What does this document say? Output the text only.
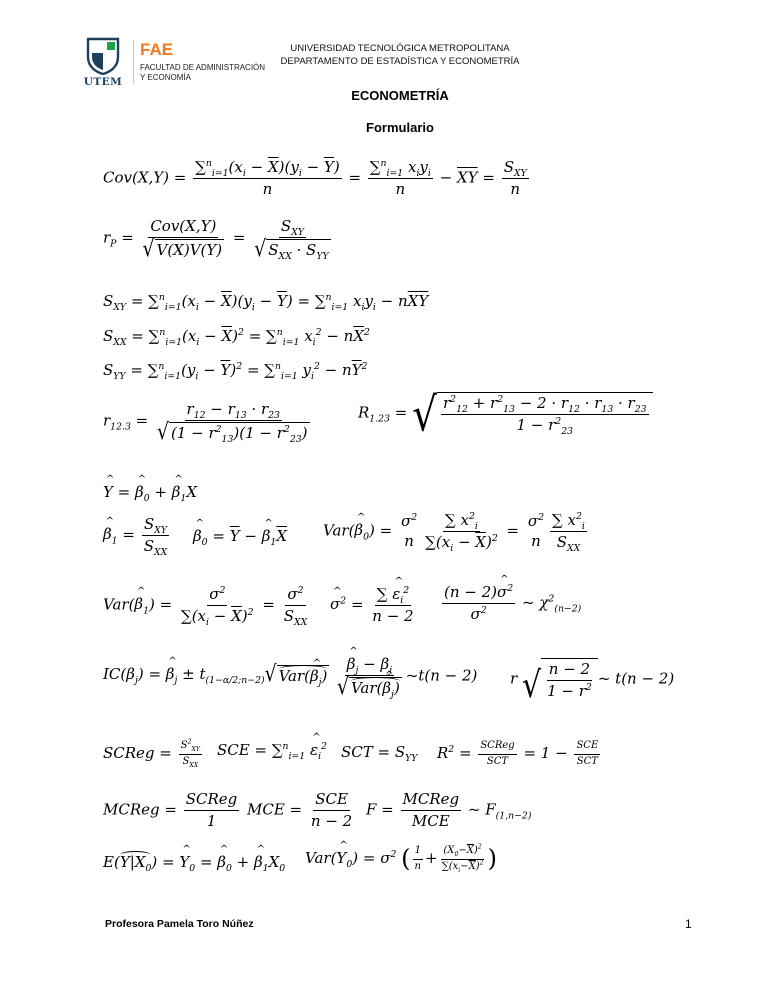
UTEM
FAE
FACULTAD DE ADMINISTRACIÓN
Y ECONOMÍA
UNIVERSIDAD TECNOLÓGICA METROPOLITANA
DEPARTAMENTO DE ESTADÍSTICA Y ECONOMETRÍA
ECONOMETRÍA
Formulario
$Cov(X,Y) = \frac{\sum^n_{i=1}(x_i - \overline{X})(y_i - \overline{Y})}{n} = \frac{\sum^n_{i=1} x_iy_i}{n} - \overline{X}\overline{Y} = \frac{S_{XY}}{n}$
$r_P = \frac{\text{Cov(X,Y)}}{√ V(X)V(Y)} = \frac{S_{XY}}{√ S_{XX} \cdot S_{YY}}$
$S_{XY} = \sum^n_{i=1}(x_i - \overline{X})(y_i - \overline{Y}) = \sum^n_{i=1}$ $x_iy_i - n\overline{X}\overline{Y}$
$S_{XX} = \sum^n_{i=1}(x_i - \overline{X})^2 = \sum^n_{i=1}$ $x_i^2 - n\overline{X}^2$
$S_{YY} = \sum^n_{i=1}(y_i - \overline{Y})^2 = \sum^n_{i=1}$ $y_i^2 - n\overline{Y}^2$
$r_{12.3} = \frac{r_{12} - r_{13} \cdot r_{23}}{√ (1 - r^2_{13})(1 - r^2_{23})}$	$R_{1.23}$ = √ $\frac{r^2_{12} + r^2_{13} - 2 \cdot r_{12} \cdot r_{13} \cdot r_{23}}{1 - r^2_{23}}$
Y ^ = β $\^{}_0 + \beta$ $\^{}_1X$
β $\^{}_1 = \frac{S_{XY}}{S_{XX}}$ β $\^{}_0 = \overline{Y} - \beta$ $\^{}_1\overline{X}$ Var(β $\^{}_0$) =
$\sigma^2$
n $\frac{\sum x^2_i}{\sum(x_i - \overline{X})^2}$ =
$\sigma^2$
n $\frac{\sum x^2_i}{S_{XX}}$
Var(β $\^{}_1) = \frac{\sigma^2}{\sum(x_i - \overline{X})^2} = \frac{\sigma^2}{S_{XX}}$ σ ^$^2$ = $\frac{\sum \varepsilon \^{}_i^2}{n - 2} \frac{(n - 2)\sigma \^{}^2}{\sigma^2}$ ~ $\chi^2_{(n-2)}$
$IC(\beta_j) = \beta$ $\^{}_j \pm t_{(1-\alpha/2;n-2)}$ √ Var(β $\^{}_j) \frac{\beta \^{}_j - \beta_j}{√ Var(\beta \^{}_j)}$ ~t(n − 2) r √ $\frac{n - 2}{1 - r^2}$ ~ t(n − 2)
SCReg = $\frac{S^2_{XY}}{S_{XX}}$ SCE = ∑$^n_{i=1}$ ε $\^{}_i^2$ SCT = $S_{YY}$ $R^2 = \frac{\text{SCReg}}{\text{SCT}} = 1 - \frac{\text{SCE}}{\text{SCT}}$
MCReg = $\frac{\text{SCReg}}{1}$ MCE = $\frac{\text{SCE}}{n - 2}$ $F = \frac{\text{MCReg}}{\text{MCE}}$ ~ $F_{(1,n-2)}$
$E(Y|X_0) = Y$ $\^{}_0 = \beta$ $\^{}_0 + \beta$ $\^{}_1X_0$
Var(Y $\^{}_0) = \sigma^2$ ( $\frac{1}{n} + \frac{(X_0-\overline{X})^2}{\sum(x_i-\overline{X})^2}$ )
Profesora Pamela Toro Núñez	1
